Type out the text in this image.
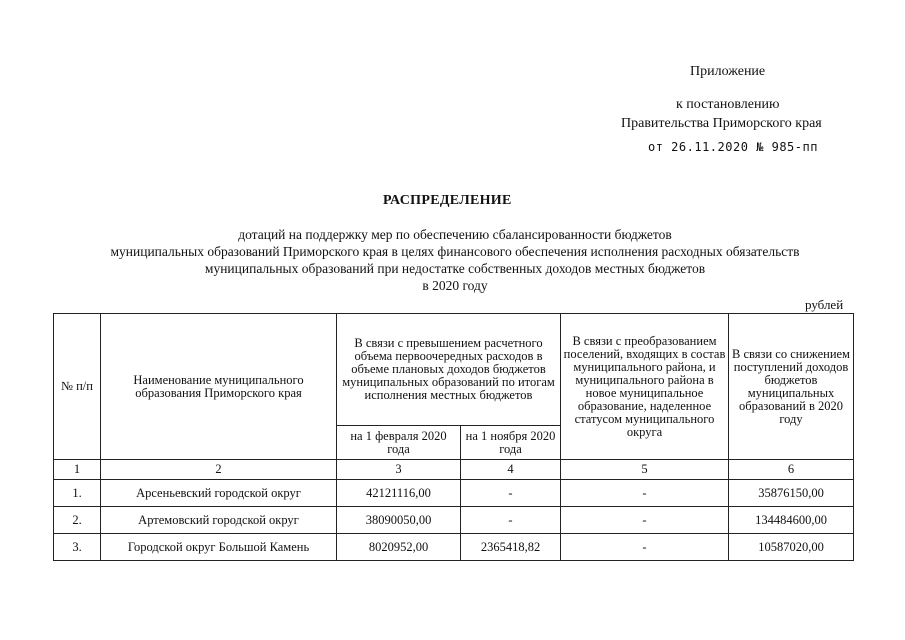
Приложение
к постановлению
Правительства Приморского края
от 26.11.2020 № 985-пп
РАСПРЕДЕЛЕНИЕ
дотаций на поддержку мер по обеспечению сбалансированности бюджетов
муниципальных образований Приморского края в целях финансового обеспечения исполнения расходных обязательств
муниципальных образований при недостатке собственных доходов местных бюджетов
в 2020 году
рублей
№ п/п	Наименование муниципального образования Приморского края	В связи с превышением расчетного объема первоочередных расходов в объеме плановых доходов бюджетов муниципальных образований по итогам исполнения местных бюджетов		В связи с преобразованием поселений, входящих в состав муниципального района, и муниципального района в новое муниципальное образование, наделенное статусом муниципального округа	В связи со снижением поступлений доходов бюджетов муниципальных образований в 2020 году
		на 1 февраля 2020 года	на 1 ноября 2020 года		
1	2	3	4	5	6
1.	Арсеньевский городской округ	42121116,00	-	-	35876150,00
2.	Артемовский городской округ	38090050,00	-	-	134484600,00
3.	Городской округ Большой Камень	8020952,00	2365418,82	-	10587020,00
